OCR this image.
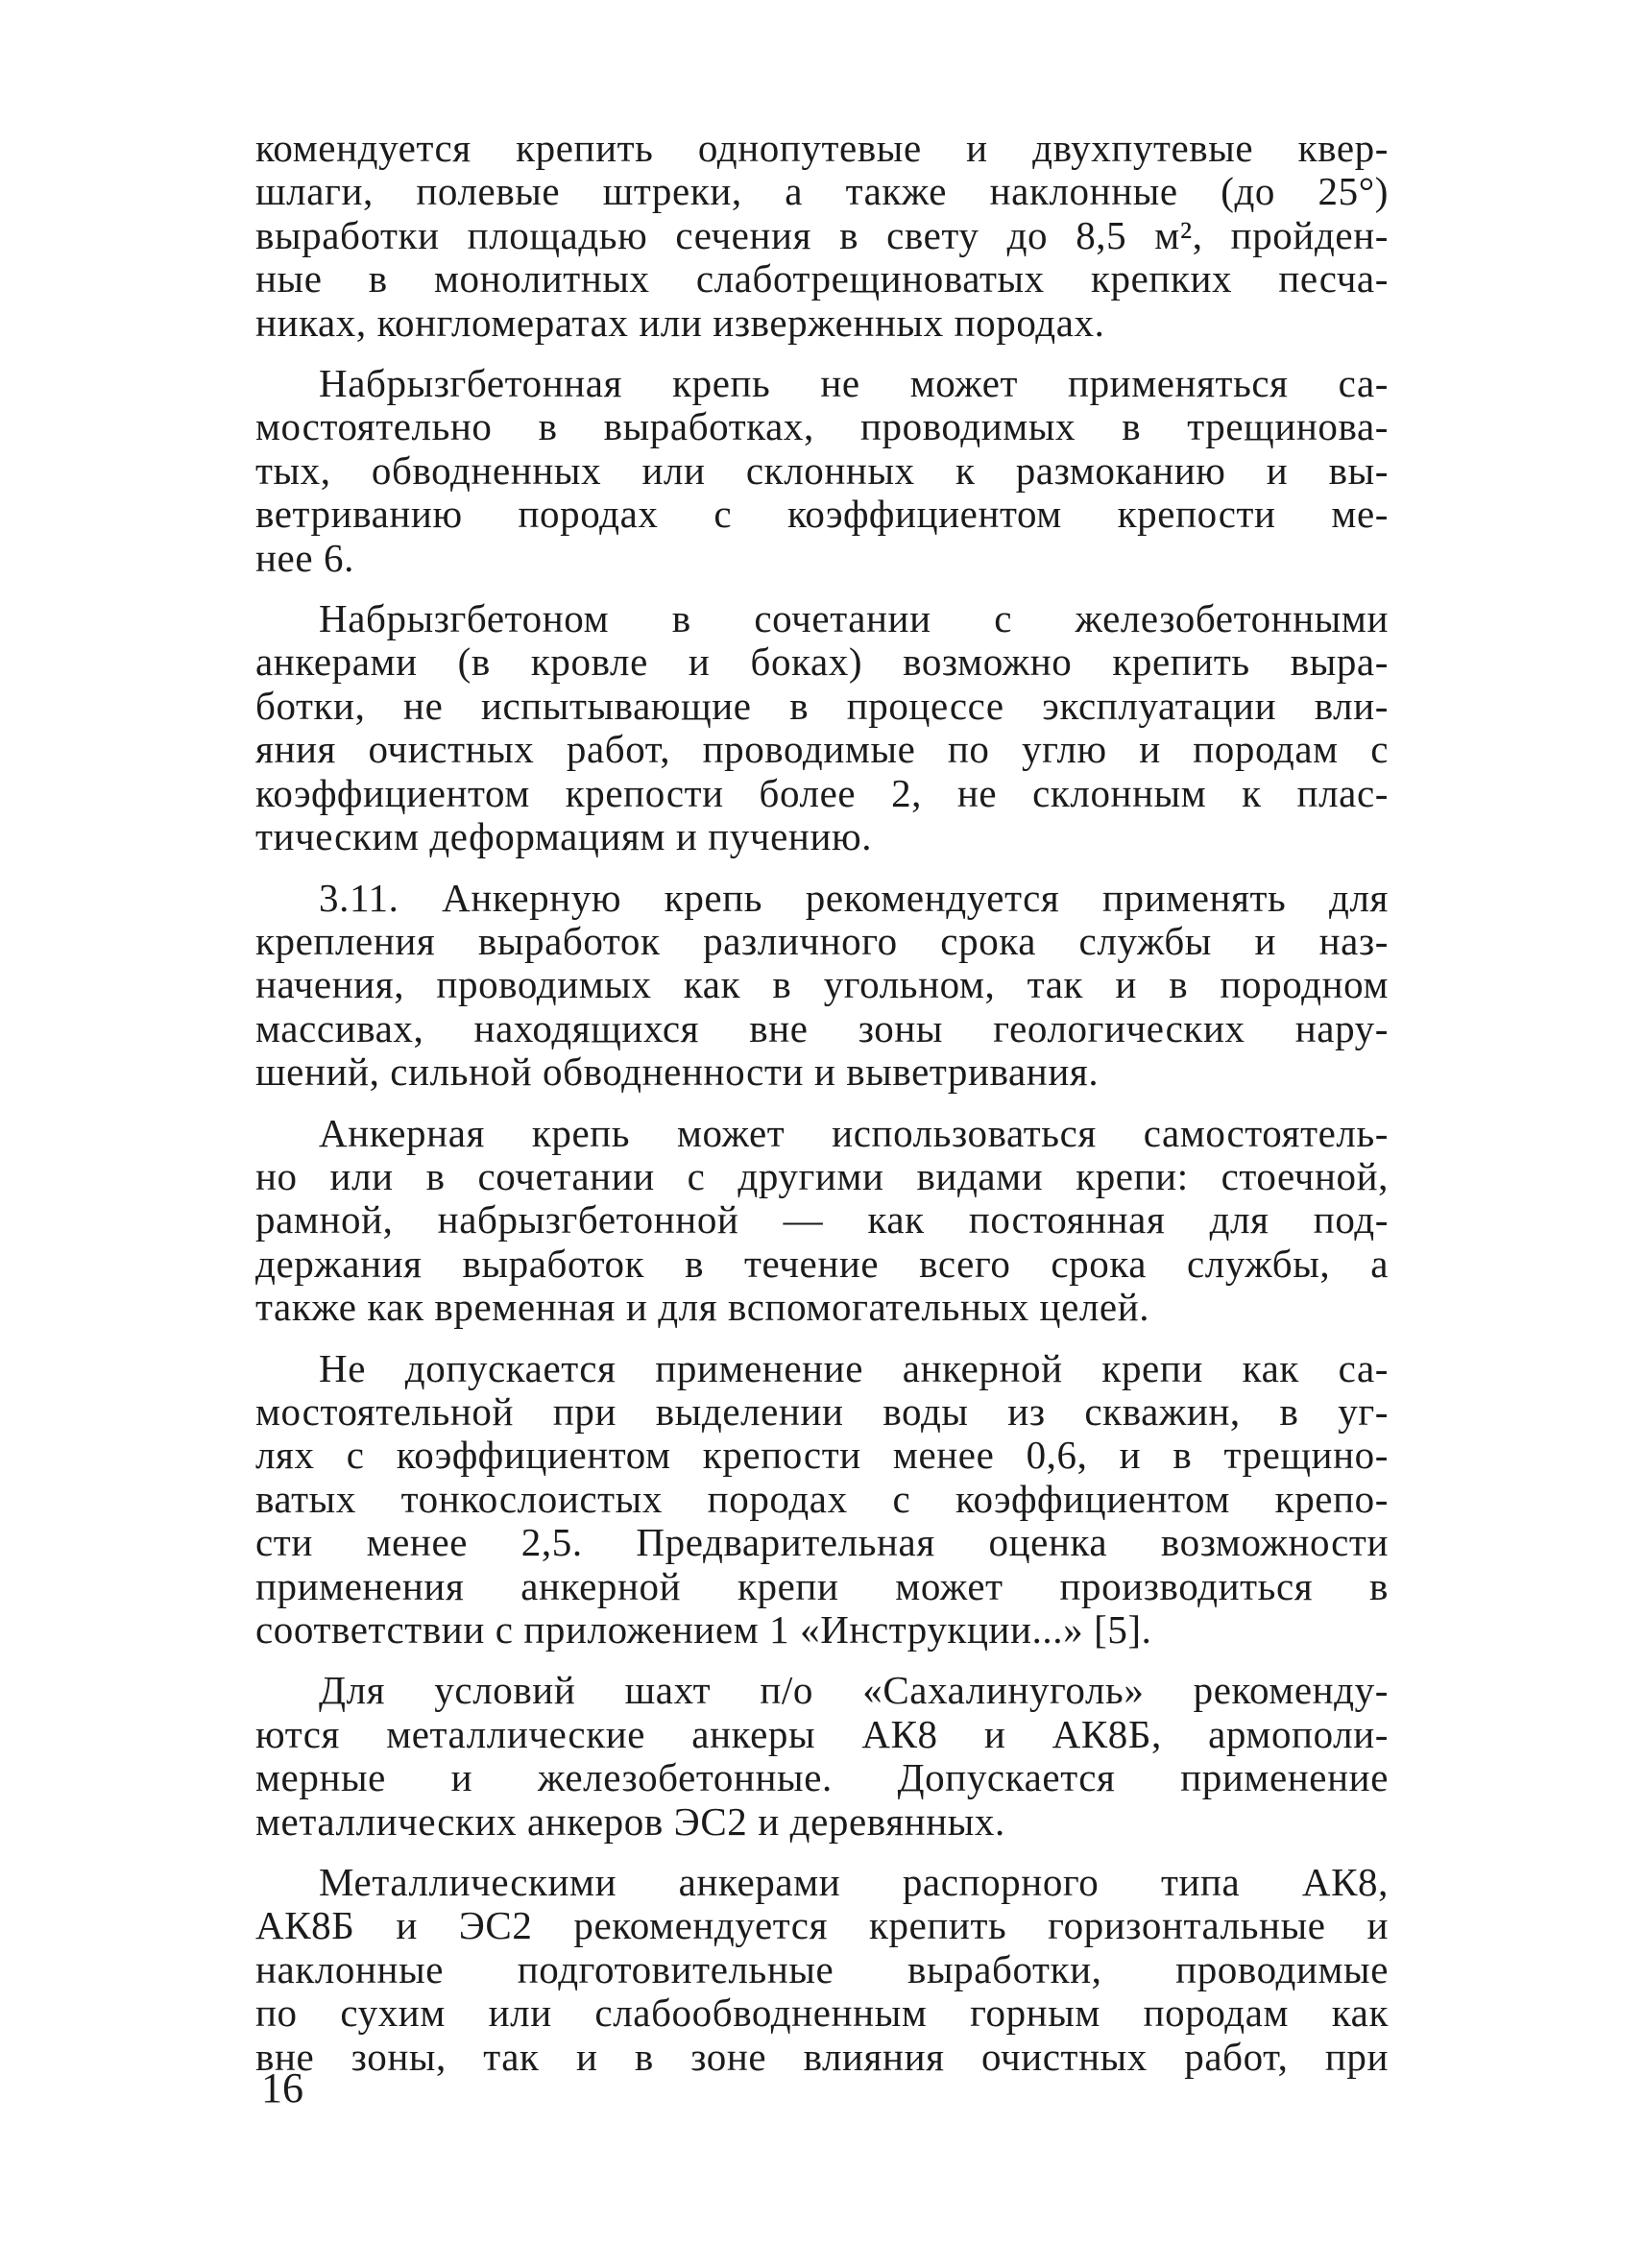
комендуется крепить однопутевые и двухпутевые квер-
шлаги, полевые штреки, а также наклонные (до 25°)
выработки площадью сечения в свету до 8,5 м², пройден-
ные в монолитных слаботрещиноватых крепких песча-
никах, конгломератах или изверженных породах.

Набрызгбетонная крепь не может применяться са-
мостоятельно в выработках, проводимых в трещинова-
тых, обводненных или склонных к размоканию и вы-
ветриванию породах с коэффициентом крепости ме-
нее 6.

Набрызгбетоном в сочетании с железобетонными
анкерами (в кровле и боках) возможно крепить выра-
ботки, не испытывающие в процессе эксплуатации вли-
яния очистных работ, проводимые по углю и породам с
коэффициентом крепости более 2, не склонным к плас-
тическим деформациям и пучению.

3.11. Анкерную крепь рекомендуется применять для
крепления выработок различного срока службы и наз-
начения, проводимых как в угольном, так и в породном
массивах, находящихся вне зоны геологических нару-
шений, сильной обводненности и выветривания.

Анкерная крепь может использоваться самостоятель-
но или в сочетании с другими видами крепи: стоечной,
рамной, набрызгбетонной — как постоянная для под-
держания выработок в течение всего срока службы, а
также как временная и для вспомогательных целей.

Не допускается применение анкерной крепи как са-
мостоятельной при выделении воды из скважин, в уг-
лях с коэффициентом крепости менее 0,6, и в трещино-
ватых тонкослоистых породах с коэффициентом крепо-
сти менее 2,5. Предварительная оценка возможности
применения анкерной крепи может производиться в
соответствии с приложением 1 «Инструкции...» [5].

Для условий шахт п/о «Сахалинуголь» рекоменду-
ются металлические анкеры АК8 и АК8Б, армополи-
мерные и железобетонные. Допускается применение
металлических анкеров ЭС2 и деревянных.

Металлическими анкерами распорного типа АК8,
АК8Б и ЭС2 рекомендуется крепить горизонтальные и
наклонные подготовительные выработки, проводимые
по сухим или слабообводненным горным породам как
вне зоны, так и в зоне влияния очистных работ, при

16
